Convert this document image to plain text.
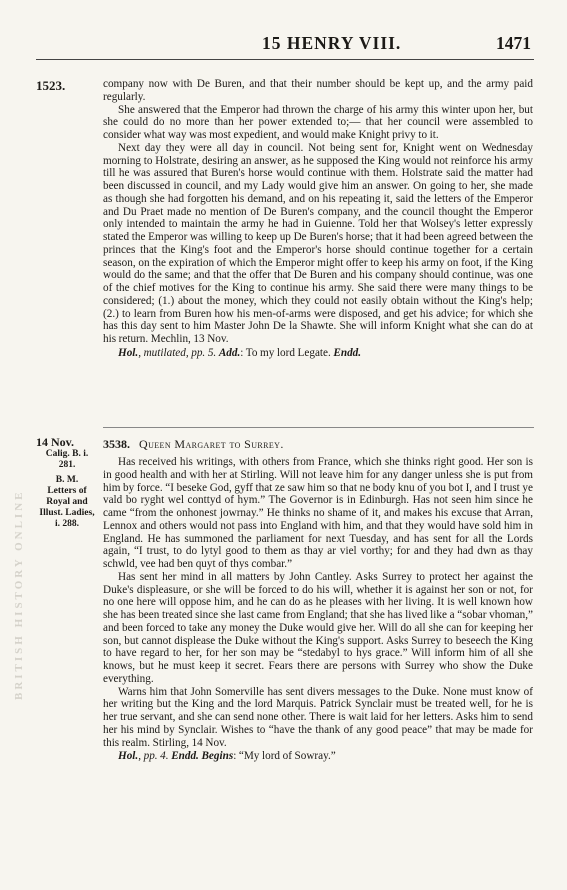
15 HENRY VIII.	1471
1523.
BRITISH HISTORY ONLINE

company now with De Buren, and that their number should be kept up, and the army paid regularly.

She answered that the Emperor had thrown the charge of his army this winter upon her, but she could do no more than her power extended to;— that her council were assembled to consider what way was most expedient, and would make Knight privy to it.

Next day they were all day in council. Not being sent for, Knight went on Wednesday morning to Holstrate, desiring an answer, as he supposed the King would not reinforce his army till he was assured that Buren's horse would continue with them. Holstrate said the matter had been discussed in council, and my Lady would give him an answer. On going to her, she made as though she had forgotten his demand, and on his repeating it, said the letters of the Emperor and Du Praet made no mention of De Buren's company, and the council thought the Emperor only intended to maintain the army he had in Guienne. Told her that Wolsey's letter expressly stated the Emperor was willing to keep up De Buren's horse; that it had been agreed between the princes that the King's foot and the Emperor's horse should continue together for a certain season, on the expiration of which the Emperor might offer to keep his army on foot, if the King would do the same; and that the offer that De Buren and his company should continue, was one of the chief motives for the King to continue his army. She said there were many things to be considered; (1.) about the money, which they could not easily obtain without the King's help; (2.) to learn from Buren how his men-of-arms were disposed, and get his advice; for which she has this day sent to him Master John De la Shawte. She will inform Knight what she can do at his return. Mechlin, 13 Nov.

Hol., mutilated, pp. 5. Add.: To my lord Legate. Endd.
14 Nov.
Calig. B. i.
281.
B. M.
Letters of
Royal and
Illust. Ladies,
i. 288.
3538. Queen Margaret to Surrey.

Has received his writings, with others from France, which she thinks right good. Her son is in good health and with her at Stirling. Will not leave him for any danger unless she is put from him by force. “I beseke God, gyff that ze saw him so that ne body knu of you bot I, and I trust ye vald bo ryght wel conttyd of hym.” The Governor is in Edinburgh. Has not seen him since he came “from the onhonest jowrnay.” He thinks no shame of it, and makes his excuse that Arran, Lennox and others would not pass into England with him, and that they would have sold him in England. He has summoned the parliament for next Tuesday, and has sent for all the Lords again, “I trust, to do lytyl good to them as thay ar viel vorthy; for and they had dwn as thay schwld, vee had ben quyt of thys combar.”

Has sent her mind in all matters by John Cantley. Asks Surrey to protect her against the Duke's displeasure, or she will be forced to do his will, whether it is against her son or not, for no one here will oppose him, and he can do as he pleases with her living. It is well known how she has been treated since she last came from England; that she has lived like a “sobar vhoman,” and been forced to take any money the Duke would give her. Will do all she can for keeping her son, but cannot displease the Duke without the King's support. Asks Surrey to beseech the King to have regard to her, for her son may be “stedabyl to hys grace.” Will inform him of all she knows, but he must keep it secret. Fears there are persons with Surrey who show the Duke everything.

Warns him that John Somerville has sent divers messages to the Duke. None must know of her writing but the King and the lord Marquis. Patrick Synclair must be treated well, for he is her true servant, and she can send none other. There is wait laid for her letters. Asks him to send her his mind by Synclair. Wishes to “have the thank of any good peace” that may be made for this realm. Stirling, 14 Nov.

Hol., pp. 4. Endd. Begins: “My lord of Sowray.”
